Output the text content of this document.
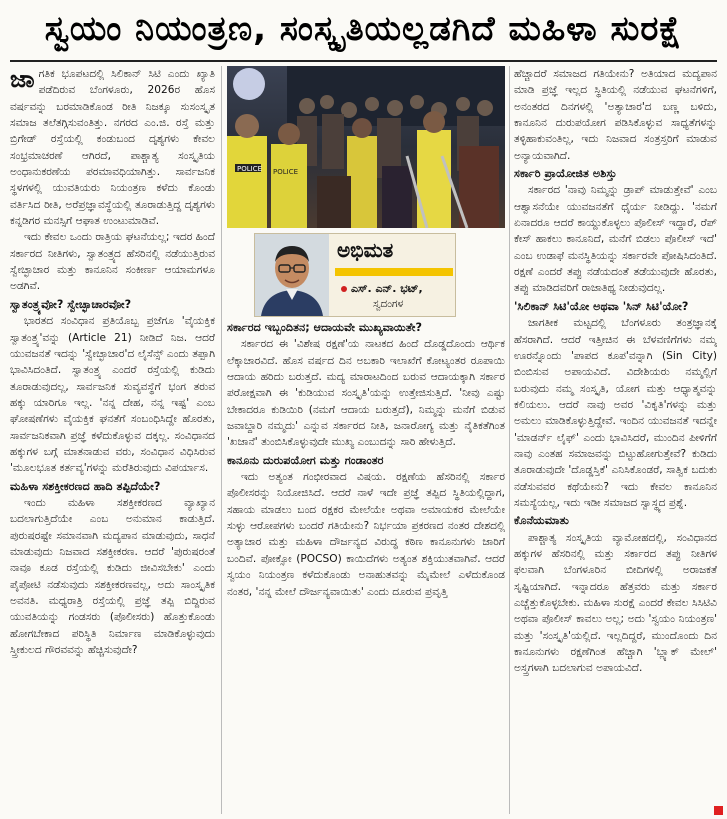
ಸ್ವಯಂ ನಿಯಂತ್ರಣ, ಸಂಸ್ಕೃತಿಯಲ್ಲಡಗಿದೆ ಮಹಿಳಾ ಸುರಕ್ಷೆ

ಜಾಗತಿಕ ಭೂಪಟದಲ್ಲಿ ಸಿಲಿಕಾನ್ ಸಿಟಿ ಎಂದು ಖ್ಯಾತಿ ಪಡೆದಿರುವ ಬೆಂಗಳೂರು, 2026ರ ಹೊಸ ವರ್ಷವನ್ನು ಬರಮಾಡಿಕೊಂಡ ರೀತಿ ನಿಜಕ್ಕೂ ಸುಸಂಸ್ಕೃತ ಸಮಾಜ ತಲೆತಗ್ಗಿಸುವಂತಿತ್ತು. ನಗರದ ಎಂ.ಜಿ. ರಸ್ತೆ ಮತ್ತು ಬ್ರಿಗೇಡ್ ರಸ್ತೆಯಲ್ಲಿ ಕಂಡುಬಂದ ದೃಶ್ಯಗಳು ಕೇವಲ ಸಂಭ್ರಮಾಚರಣೆ ಆಗಿರದೆ, ಪಾಶ್ಚಾತ್ಯ ಸಂಸ್ಕೃತಿಯ ಅಂಧಾನುಕರಣೆಯ ಪರಮಾವಧಿಯಾಗಿತ್ತು. ಸಾರ್ವಜನಿಕ ಸ್ಥಳಗಳಲ್ಲಿ ಯುವತಿಯರು ನಿಯಂತ್ರಣ ಕಳೆದು ಕೊಂಡು ವರ್ತಿಸಿದ ರೀತಿ, ಅರೆಪ್ರಜ್ಞಾವಸ್ಥೆಯಲ್ಲಿ ತೂರಾಡುತ್ತಿದ್ದ ದೃಶ್ಯಗಳು ಕನ್ನಡಿಗರ ಮನಸ್ಸಿಗೆ ಆಘಾತ ಉಂಟುಮಾಡಿವೆ.

ಇದು ಕೇವಲ ಒಂದು ರಾತ್ರಿಯ ಘಟನೆಯಲ್ಲ; ಇದರ ಹಿಂದೆ ಸರ್ಕಾರದ ನೀತಿಗಳು, ಸ್ವಾತಂತ್ರ್ಯದ ಹೆಸರಿನಲ್ಲಿ ನಡೆಯುತ್ತಿರುವ ಸ್ವೇಚ್ಛಾಚಾರ ಮತ್ತು ಕಾನೂನಿನ ಸಂಕೀರ್ಣ ಆಯಾಮಗಳೂ ಅಡಗಿವೆ.

ಸ್ವಾತಂತ್ರ್ಯವೋ? ಸ್ವೇಚ್ಛಾಚಾರವೋ?

ಭಾರತದ ಸಂವಿಧಾನ ಪ್ರತಿಯೊಬ್ಬ ಪ್ರಜೆಗೂ 'ವೈಯಕ್ತಿಕ ಸ್ವಾತಂತ್ರ್ಯ'ವನ್ನು (Article 21) ನೀಡಿದೆ ನಿಜ. ಆದರೆ ಯುವಜನತೆ ಇದನ್ನು 'ಸ್ವೇಚ್ಛಾಚಾರ'ದ ಲೈಸೆನ್ಸ್ ಎಂದು ತಪ್ಪಾಗಿ ಭಾವಿಸಿದಂತಿದೆ. ಸ್ವಾತಂತ್ರ್ಯ ಎಂದರೆ ರಸ್ತೆಯಲ್ಲಿ ಕುಡಿದು ತೂರಾಡುವುದಲ್ಲ, ಸಾರ್ವಜನಿಕ ಸುವ್ಯವಸ್ಥೆಗೆ ಭಂಗ ತರುವ ಹಕ್ಕು ಯಾರಿಗೂ ಇಲ್ಲ. 'ನನ್ನ ದೇಹ, ನನ್ನ ಇಷ್ಟ' ಎಂಬ ಘೋಷಣೆಗಳು ವೈಯಕ್ತಿಕ ಘನತೆಗೆ ಸಂಬಂಧಿಸಿದ್ದೇ ಹೊರತು, ಸಾರ್ವಜನಿಕವಾಗಿ ಪ್ರಜ್ಞೆ ಕಳೆದುಕೊಳ್ಳುವ ದಕ್ಕಲ್ಲ. ಸಂವಿಧಾನದ ಹಕ್ಕುಗಳ ಬಗ್ಗೆ ಮಾತನಾಡುವ ವರು, ಸಂವಿಧಾನ ವಿಧಿಸಿರುವ 'ಮೂಲಭೂತ ಕರ್ತವ್ಯ'ಗಳನ್ನು ಮರೆತಿರುವುದು ವಿಪರ್ಯಾಸ.

ಮಹಿಳಾ ಸಶಕ್ತೀಕರಣದ ಹಾದಿ ತಪ್ಪಿದೆಯೇ?

ಇಂದು ಮಹಿಳಾ ಸಶಕ್ತೀಕರಣದ ವ್ಯಾಖ್ಯಾನ ಬದಲಾಗುತ್ತಿದೆಯೇ ಎಂಬ ಅನುಮಾನ ಕಾಡುತ್ತಿದೆ. ಪುರುಷರಷ್ಟೇ ಸಮಾನವಾಗಿ ಮದ್ಯಪಾನ ಮಾಡುವುದು, ಸಾಧನೆ ಮಾಡುವುದು ನಿಜವಾದ ಸಶಕ್ತೀಕರಣ. ಆದರೆ 'ಪುರುಷರಂತೆ ನಾವೂ ಕೂಡ ರಸ್ತೆಯಲ್ಲಿ ಕುಡಿದು ಜೀವಿಸಬೇಕು' ಎಂದು ಪೈಪೋಟಿ ನಡೆಸುವುದು ಸಶಕ್ತೀಕರಣವಲ್ಲ, ಅದು ಸಾಂಸ್ಕೃತಿಕ ಅವನತಿ. ಮಧ್ಯರಾತ್ರಿ ರಸ್ತೆಯಲ್ಲಿ ಪ್ರಜ್ಞೆ ತಪ್ಪಿ ಬಿದ್ದಿರುವ ಯುವತಿಯನ್ನು ಗಂಡಸರು (ಪೊಲೀಸರು) ಹೊತ್ತುಕೊಂಡು ಹೋಗಬೇಕಾದ ಪರಿಸ್ಥಿತಿ ನಿರ್ಮಾಣ ಮಾಡಿಕೊಳ್ಳುವುದು ಸ್ತ್ರೀಕುಲದ ಗೌರವವನ್ನು ಹೆಚ್ಚಿಸುವುದೇ?

POLICE POLICE
ಅಭಿಮತ
ಎಸ್. ಎನ್. ಭಟ್,
ಸ್ವದಂಗಳ
ಸರ್ಕಾರದ ಇಬ್ಬಂದಿತನ; ಆದಾಯವೇ ಮುಖ್ಯವಾಯಿತೇ?

ಸರ್ಕಾರದ ಈ 'ವಿಶೇಷ ರಕ್ಷಣೆ'ಯ ನಾಟಕದ ಹಿಂದೆ ದೊಡ್ಡದೊಂದು ಆರ್ಥಿಕ ಲೆಕ್ಕಾಚಾರವಿದೆ. ಹೊಸ ವರ್ಷದ ದಿನ ಅಬಕಾರಿ ಇಲಾಖೆಗೆ ಕೋಟ್ಯಂತರ ರೂಪಾಯಿ ಆದಾಯ ಹರಿದು ಬರುತ್ತದೆ. ಮದ್ಯ ಮಾರಾಟದಿಂದ ಬರುವ ಆದಾಯಕ್ಕಾಗಿ ಸರ್ಕಾರ ಪರೋಕ್ಷವಾಗಿ ಈ 'ಕುಡಿಯುವ ಸಂಸ್ಕೃತಿ'ಯನ್ನು ಉತ್ತೇಜಿಸುತ್ತಿದೆ. 'ನೀವು ಎಷ್ಟು ಬೇಕಾದರೂ ಕುಡಿಯಿರಿ (ನಮಗೆ ಆದಾಯ ಬರುತ್ತದೆ), ನಿಮ್ಮನ್ನು ಮನೆಗೆ ಬಿಡುವ ಜವಾಬ್ದಾರಿ ನಮ್ಮದು' ಎನ್ನುವ ಸರ್ಕಾರದ ನೀತಿ, ಜನಾರೋಗ್ಯ ಮತ್ತು ನೈತಿಕತೆಗಿಂತ 'ಖಜಾನೆ' ತುಂಬಿಸಿಕೊಳ್ಳುವುದೇ ಮುಖ್ಯ ಎಂಬುದನ್ನು ಸಾರಿ ಹೇಳುತ್ತಿದೆ.

ಕಾನೂನು ದುರುಪಯೋಗ ಮತ್ತು ಗಂಡಾಂತರ

ಇದು ಅತ್ಯಂತ ಗಂಭೀರವಾದ ವಿಷಯ. ರಕ್ಷಣೆಯ ಹೆಸರಿನಲ್ಲಿ ಸರ್ಕಾರ ಪೊಲೀಸರನ್ನು ನಿಯೋಜಿಸಿದೆ. ಆದರೆ ನಾಳೆ ಇದೇ ಪ್ರಜ್ಞೆ ತಪ್ಪಿದ ಸ್ಥಿತಿಯಲ್ಲಿದ್ದಾಗ, ಸಹಾಯ ಮಾಡಲು ಬಂದ ರಕ್ಷಕರ ಮೇಲೆಯೇ ಅಥವಾ ಅಮಾಯಕರ ಮೇಲೆಯೇ ಸುಳ್ಳು ಆರೋಪಗಳು ಬಂದರೆ ಗತಿಯೇನು? ನಿರ್ಭಯಾ ಪ್ರಕರಣದ ನಂತರ ದೇಶದಲ್ಲಿ ಅತ್ಯಾಚಾರ ಮತ್ತು ಮಹಿಳಾ ದೌರ್ಜನ್ಯದ ವಿರುದ್ಧ ಕಠಿಣ ಕಾನೂನುಗಳು ಜಾರಿಗೆ ಬಂದಿವೆ. ಪೋಕ್ಸೋ (POCSO) ಕಾಯಿದೆಗಳು ಅತ್ಯಂತ ಶಕ್ತಿಯುತವಾಗಿವೆ. ಆದರೆ ಸ್ವಯಂ ನಿಯಂತ್ರಣ ಕಳೆದುಕೊಂಡು ಅನಾಹುತವನ್ನು ಮೈಮೇಲೆ ಎಳೆದುಕೊಂಡ ನಂತರ, 'ನನ್ನ ಮೇಲೆ ದೌರ್ಜನ್ಯವಾಯಿತು' ಎಂದು ದೂರುವ ಪ್ರವೃತ್ತಿ

ಹೆಚ್ಚಾದರೆ ಸಮಾಜದ ಗತಿಯೇನು? ಅತಿಯಾದ ಮದ್ಯಪಾನ ಮಾಡಿ ಪ್ರಜ್ಞೆ ಇಲ್ಲದ ಸ್ಥಿತಿಯಲ್ಲಿ ನಡೆಯುವ ಘಟನೆಗಳಿಗೆ, ಅನಂತರದ ದಿನಗಳಲ್ಲಿ 'ಅತ್ಯಾಚಾರ'ದ ಬಣ್ಣ ಬಳಿದು, ಕಾನೂನಿನ ದುರುಪಯೋಗ ಪಡಿಸಿಕೊಳ್ಳುವ ಸಾಧ್ಯತೆಗಳನ್ನು ತಳ್ಳಿಹಾಕುವಂತಿಲ್ಲ, ಇದು ನಿಜವಾದ ಸಂತ್ರಸ್ತರಿಗೆ ಮಾಡುವ ಅನ್ಯಾಯವಾಗಿದೆ.

ಸರ್ಕಾರಿ ಪ್ರಾಯೋಜಿತ ಅಶಿಸ್ತು

ಸರ್ಕಾರದ 'ನಾವು ನಿಮ್ಮನ್ನು ಡ್ರಾಪ್ ಮಾಡುತ್ತೇವೆ' ಎಂಬ ಆಶ್ವಾಸನೆಯೇ ಯುವಜನತೆಗೆ ಧೈರ್ಯ ನೀಡಿದ್ದು. 'ನಮಗೆ ಏನಾದರೂ ಆದರೆ ಕಾಯ್ದುಕೊಳ್ಳಲು ಪೊಲೀಸ್ ಇದ್ದಾರೆ, ರೆಪ್ ಕೇಸ್ ಹಾಕಲು ಕಾನೂನಿದೆ, ಮನೆಗೆ ಬಿಡಲು ಪೊಲೀಸ್ ಇದೆ' ಎಂಬ ಉಡಾಫೆ ಮನಸ್ಥಿತಿಯನ್ನು ಸರ್ಕಾರವೇ ಪೋಷಿಸಿದಂತಿದೆ. ರಕ್ಷಣೆ ಎಂದರೆ ತಪ್ಪು ನಡೆಯದಂತೆ ತಡೆಯುವುದೇ ಹೊರತು, ತಪ್ಪು ಮಾಡಿದವರಿಗೆ ರಾಜಾತಿಥ್ಯ ನೀಡುವುದಲ್ಲ.

'ಸಿಲಿಕಾನ್ ಸಿಟಿ'ಯೋ ಅಥವಾ 'ಸಿನ್ ಸಿಟಿ'ಯೋ?

ಜಾಗತೀಕ ಮಟ್ಟದಲ್ಲಿ ಬೆಂಗಳೂರು ತಂತ್ರಜ್ಞಾನಕ್ಕೆ ಹೆಸರಾಗಿದೆ. ಆದರೆ ಇತ್ತೀಚಿನ ಈ ಬೆಳವಣಿಗೆಗಳು ನಮ್ಮ ಊರನ್ನೊಂದು 'ಪಾಪದ ಕೂಪ'ವನ್ನಾಗಿ (Sin City) ಬಿಂಬಿಸುವ ಅಪಾಯವಿದೆ. ವಿದೇಶಿಯರು ನಮ್ಮಲ್ಲಿಗೆ ಬರುವುದು ನಮ್ಮ ಸಂಸ್ಕೃತಿ, ಯೋಗ ಮತ್ತು ಆಧ್ಯಾತ್ಮವನ್ನು ಕಲಿಯಲು. ಆದರೆ ನಾವು ಅವರ 'ವಿಕೃತಿ'ಗಳನ್ನು ಮತ್ತು ಅಮಲು ಮಾಡಿಕೊಳ್ಳುತ್ತಿದ್ದೇವೆ. ಇಂದಿನ ಯುವಜನತೆ ಇದನ್ನೇ 'ಮಾಡರ್ನ್ ಲೈಫ್' ಎಂದು ಭಾವಿಸಿದರೆ, ಮುಂದಿನ ಪೀಳಿಗೆಗೆ ನಾವು ಎಂತಹ ಸಮಾಜವನ್ನು ಬಿಟ್ಟುಹೋಗುತ್ತೇವೆ? ಕುಡಿದು ತೂರಾಡುವುದೇ 'ದೊಡ್ಡಸ್ತಿಕೆ' ಎನಿಸಿಕೊಂಡರೆ, ಸಾತ್ವಿಕ ಬದುಕು ನಡೆಸುವವರ ಕಥೆಯೇನು? ಇದು ಕೇವಲ ಕಾನೂನಿನ ಸಮಸ್ಯೆಯಲ್ಲ, ಇದು ಇಡೀ ಸಮಾಜದ ಸ್ವಾಸ್ಥ್ಯದ ಪ್ರಶ್ನೆ.

ಕೊನೆಯಮಾತು

ಪಾಶ್ಚಾತ್ಯ ಸಂಸ್ಕೃತಿಯ ವ್ಯಾಮೋಹದಲ್ಲಿ, ಸಂವಿಧಾನದ ಹಕ್ಕುಗಳ ಹೆಸರಿನಲ್ಲಿ ಮತ್ತು ಸರ್ಕಾರದ ತಪ್ಪು ನೀತಿಗಳ ಫಲವಾಗಿ ಬೆಂಗಳೂರಿನ ಬೀದಿಗಳಲ್ಲಿ ಅರಾಜಕತೆ ಸೃಷ್ಟಿಯಾಗಿದೆ. ಇನ್ನಾದರೂ ಹೆತ್ತವರು ಮತ್ತು ಸರ್ಕಾರ ಎಚ್ಚೆತ್ತುಕೊಳ್ಳಬೇಕು. ಮಹಿಳಾ ಸುರಕ್ಷೆ ಎಂದರೆ ಕೇವಲ ಸಿಸಿಟಿವಿ ಅಥವಾ ಪೊಲೀಸ್ ಕಾವಲು ಅಲ್ಲ; ಅದು 'ಸ್ವಯಂ ನಿಯಂತ್ರಣ' ಮತ್ತು 'ಸಂಸ್ಕೃತಿ'ಯಲ್ಲಿದೆ. ಇಲ್ಲದಿದ್ದರೆ, ಮುಂದೊಂದು ದಿನ ಕಾನೂನುಗಳು ರಕ್ಷಣೆಗಿಂತ ಹೆಚ್ಚಾಗಿ 'ಬ್ಲ್ಯಾಕ್ ಮೇಲ್' ಅಸ್ತ್ರಗಳಾಗಿ ಬದಲಾಗುವ ಅಪಾಯವಿದೆ.
